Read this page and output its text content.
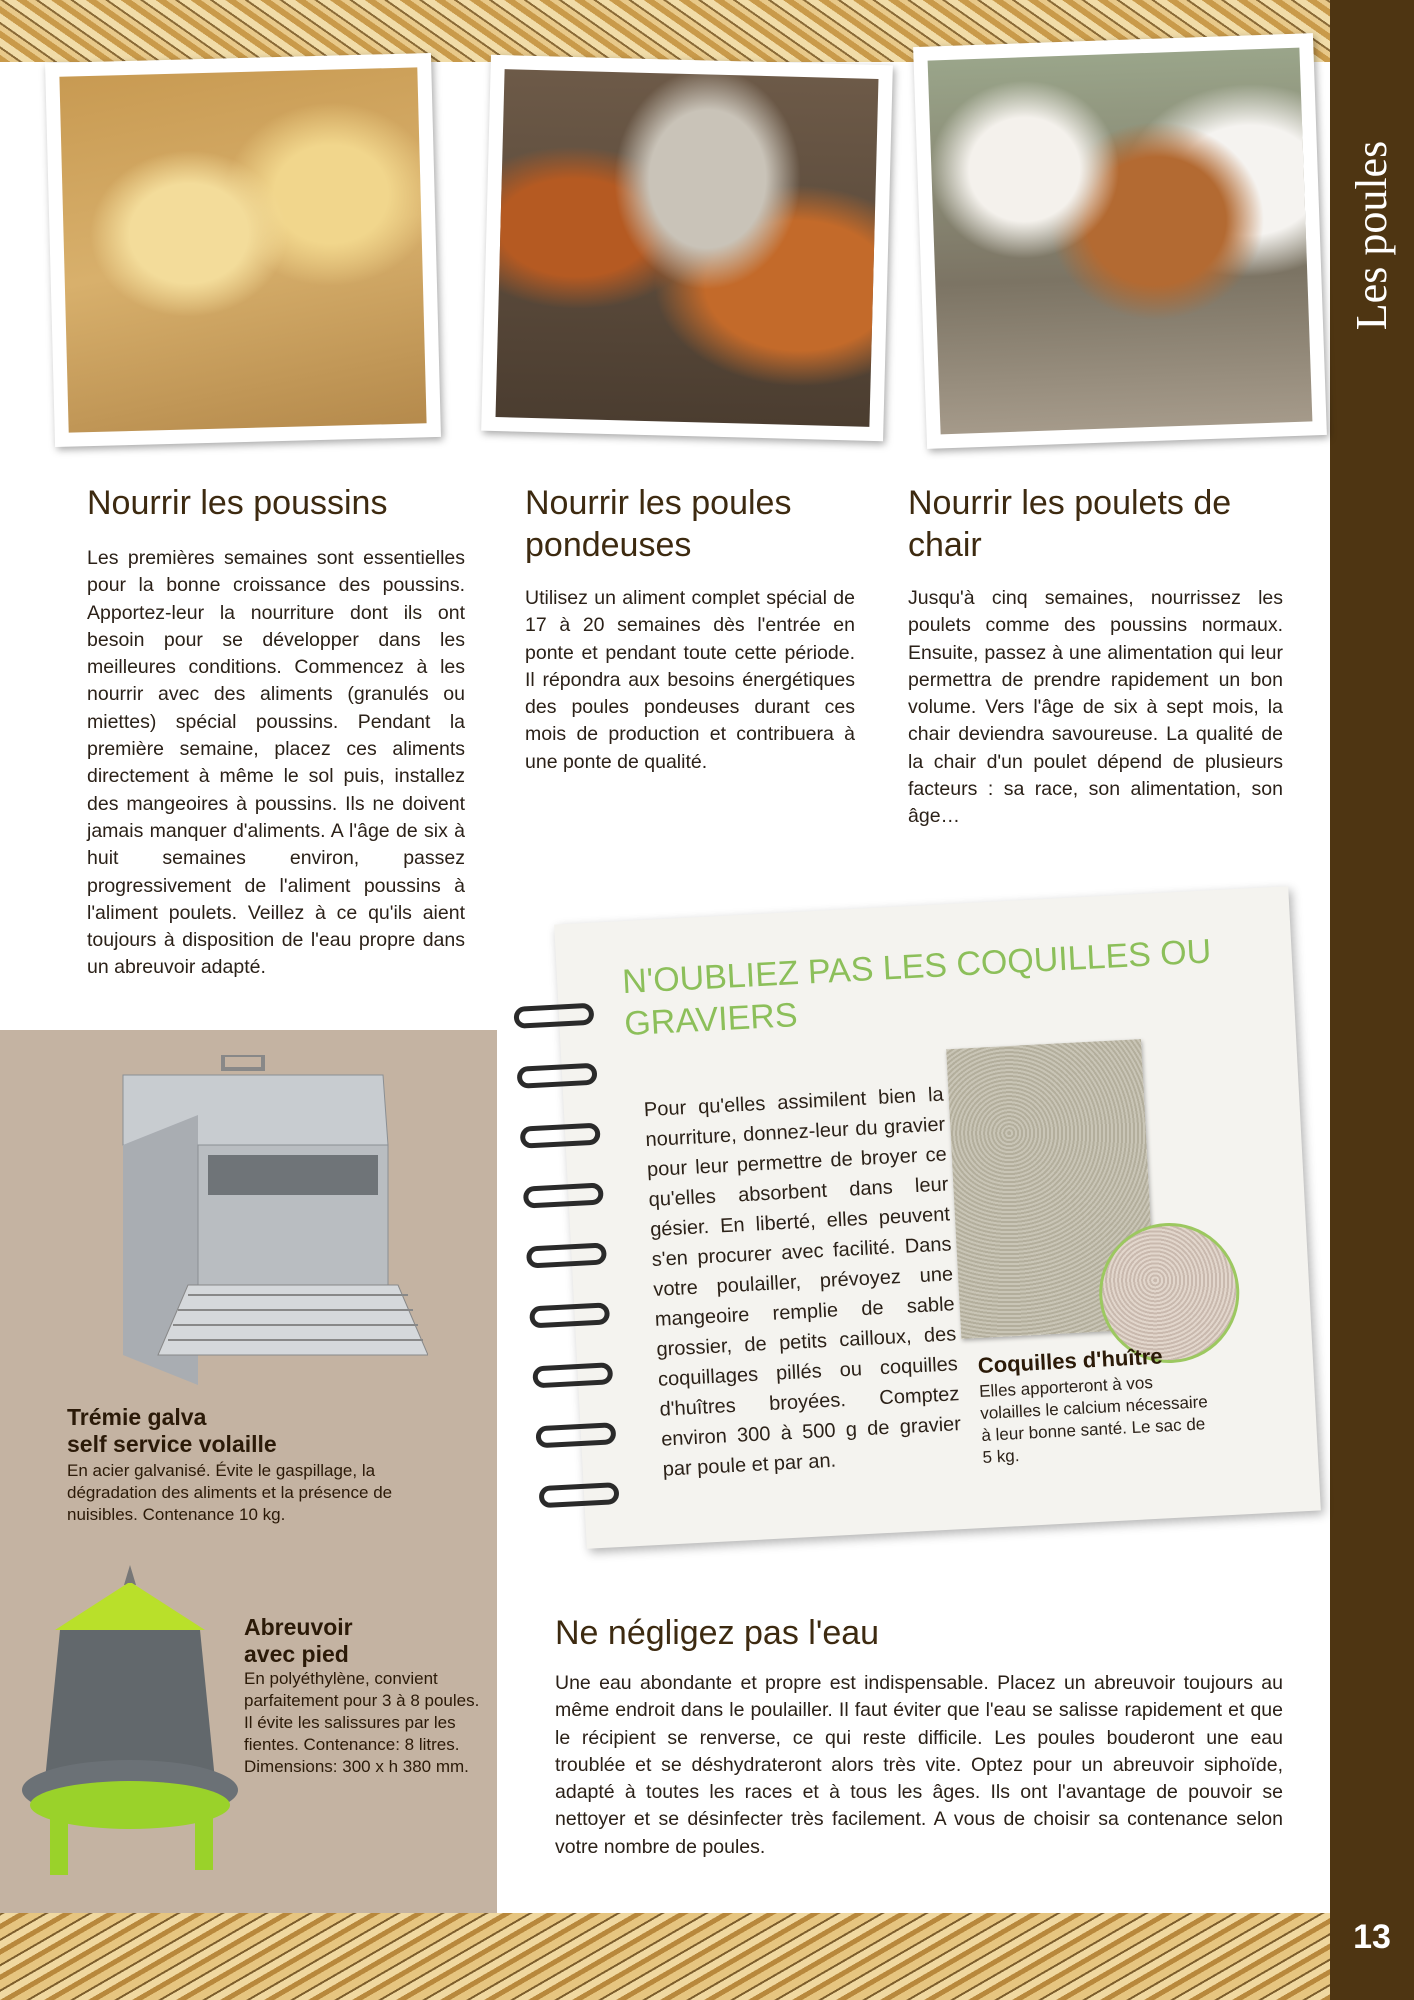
Les poules
13
Nourrir les poussins

Les premières semaines sont essentielles pour la bonne croissance des poussins. Apportez-leur la nourriture dont ils ont besoin pour se développer dans les meilleures conditions. Commencez à les nourrir avec des aliments (granulés ou miettes) spécial poussins. Pendant la première semaine, placez ces aliments directement à même le sol puis, installez des mangeoires à poussins. Ils ne doivent jamais manquer d'aliments. A l'âge de six à huit semaines environ, passez progressivement de l'aliment poussins à l'aliment poulets. Veillez à ce qu'ils aient toujours à disposition de l'eau propre dans un abreuvoir adapté.

Nourrir les poules pondeuses

Utilisez un aliment complet spécial de 17 à 20 semaines dès l'entrée en ponte et pendant toute cette période. Il répondra aux besoins énergétiques des poules pondeuses durant ces mois de production et contribuera à une ponte de qualité.

Nourrir les poulets de chair

Jusqu'à cinq semaines, nourrissez les poulets comme des poussins normaux. Ensuite, passez à une alimentation qui leur permettra de prendre rapidement un bon volume. Vers l'âge de six à sept mois, la chair deviendra savoureuse. La qualité de la chair d'un poulet dépend de plusieurs facteurs : sa race, son alimentation, son âge…

Trémie galva
self service volaille

En acier galvanisé. Évite le gaspillage, la dégradation des aliments et la présence de nuisibles. Contenance 10 kg.

Abreuvoir
avec pied

En polyéthylène, convient parfaitement pour 3 à 8 poules. Il évite les salissures par les fientes. Contenance: 8 litres. Dimensions: 300 x h 380 mm.

N'OUBLIEZ PAS LES COQUILLES OU GRAVIERS

Pour qu'elles assimilent bien la nourriture, donnez-leur du gravier pour leur permettre de broyer ce qu'elles absorbent dans leur gésier. En liberté, elles peuvent s'en procurer avec facilité. Dans votre poulailler, prévoyez une mangeoire remplie de sable grossier, de petits cailloux, des coquillages pillés ou coquilles d'huîtres broyées. Comptez environ 300 à 500 g de gravier par poule et par an.

Coquilles d'huître

Elles apporteront à vos volailles le calcium nécessaire à leur bonne santé. Le sac de 5 kg.

Ne négligez pas l'eau

Une eau abondante et propre est indispensable. Placez un abreuvoir toujours au même endroit dans le poulailler. Il faut éviter que l'eau se salisse rapidement et que le récipient se renverse, ce qui reste difficile. Les poules bouderont une eau troublée et se déshydrateront alors très vite. Optez pour un abreuvoir siphoïde, adapté à toutes les races et à tous les âges. Ils ont l'avantage de pouvoir se nettoyer et se désinfecter très facilement. A vous de choisir sa contenance selon votre nombre de poules.
